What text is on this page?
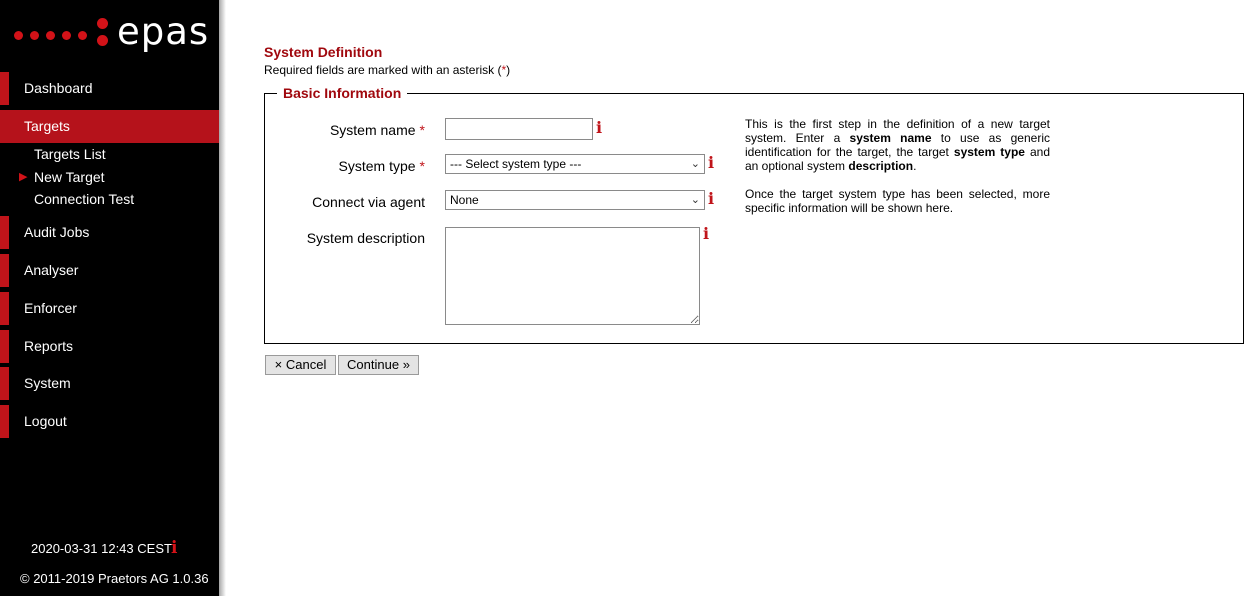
epas
Dashboard
Targets
Targets List
▶ New Target
Connection Test
Audit Jobs
Analyser
Enforcer
Reports
System
Logout
2020-03-31 12:43 CEST i
© 2011-2019 Praetors AG 1.0.36
System Definition
Required fields are marked with an asterisk (*)
Basic Information
System name *	i
System type *	--- Select system type ---	⌄ i
Connect via agent	None	⌄ i
System description	i

This is the first step in the definition of a new target system. Enter a system name to use as generic identification for the target, the target system type and an optional system description.

Once the target system type has been selected, more specific information will be shown here.

× Cancel	Continue »
